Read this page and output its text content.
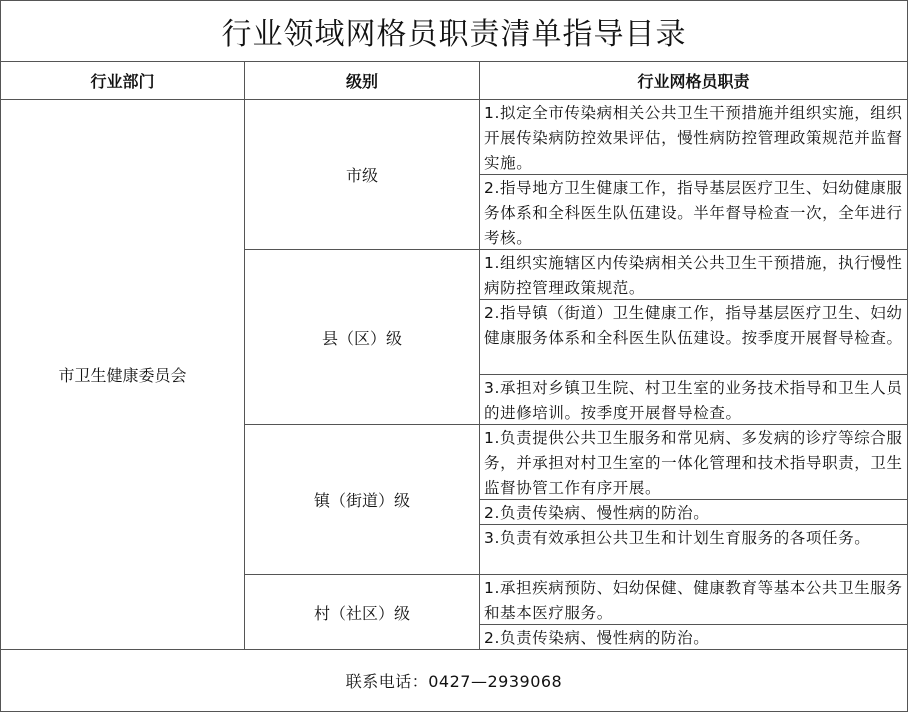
行业领域网格员职责清单指导目录
行业部门	级别	行业网格员职责
市卫生健康委员会
市级
1.拟定全市传染病相关公共卫生干预措施并组织实施，组织开展传染病防控效果评估，慢性病防控管理政策规范并监督实施。
2.指导地方卫生健康工作，指导基层医疗卫生、妇幼健康服务体系和全科医生队伍建设。半年督导检查一次，全年进行考核。
县（区）级
1.组织实施辖区内传染病相关公共卫生干预措施，执行慢性病防控管理政策规范。
2.指导镇（街道）卫生健康工作，指导基层医疗卫生、妇幼健康服务体系和全科医生队伍建设。按季度开展督导检查。
3.承担对乡镇卫生院、村卫生室的业务技术指导和卫生人员的进修培训。按季度开展督导检查。
镇（街道）级
1.负责提供公共卫生服务和常见病、多发病的诊疗等综合服务，并承担对村卫生室的一体化管理和技术指导职责，卫生监督协管工作有序开展。
2.负责传染病、慢性病的防治。
3.负责有效承担公共卫生和计划生育服务的各项任务。
村（社区）级
1.承担疾病预防、妇幼保健、健康教育等基本公共卫生服务和基本医疗服务。
2.负责传染病、慢性病的防治。
联系电话：0427—2939068
